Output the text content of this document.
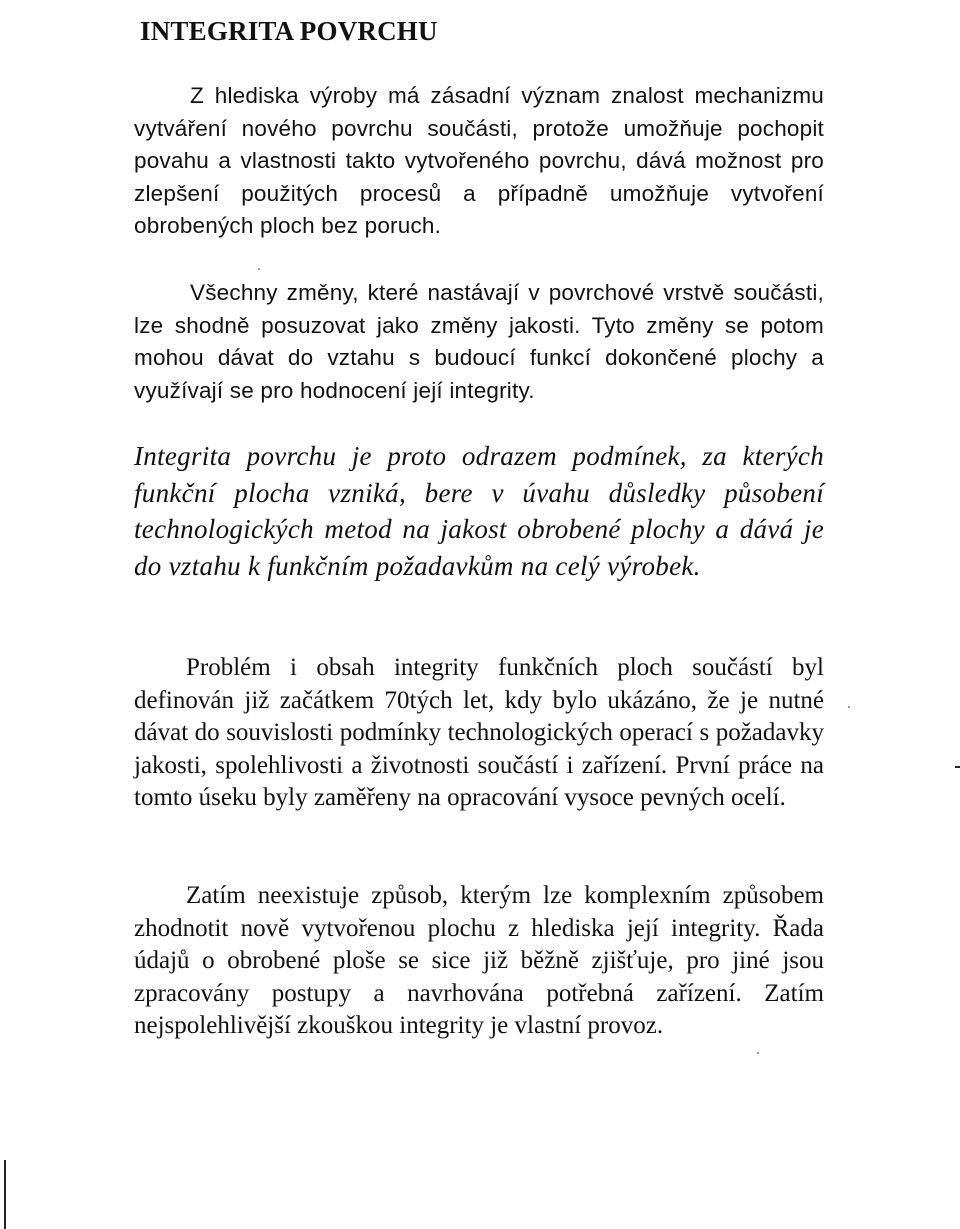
INTEGRITA POVRCHU

Z hlediska výroby má zásadní význam znalost mechanizmu vytváření nového povrchu součásti, protože umožňuje pochopit povahu a vlastnosti takto vytvořeného povrchu, dává možnost pro zlepšení použitých procesů a případně umožňuje vytvoření obrobených ploch bez poruch.

Všechny změny, které nastávají v povrchové vrstvě součásti, lze shodně posuzovat jako změny jakosti. Tyto změny se potom mohou dávat do vztahu s budoucí funkcí dokončené plochy a využívají se pro hodnocení její integrity.

Integrita povrchu je proto odrazem podmínek, za kterých funkční plocha vzniká, bere v úvahu důsledky působení technologických metod na jakost obrobené plochy a dává je do vztahu k funkčním požadavkům na celý výrobek.

Problém i obsah integrity funkčních ploch součástí byl definován již začátkem 70tých let, kdy bylo ukázáno, že je nutné dávat do souvislosti podmínky technologických operací s požadavky jakosti, spolehlivosti a životnosti součástí i zařízení. První práce na tomto úseku byly zaměřeny na opracování vysoce pevných ocelí.

Zatím neexistuje způsob, kterým lze komplexním způsobem zhodnotit nově vytvořenou plochu z hlediska její integrity. Řada údajů o obrobené ploše se sice již běžně zjišťuje, pro jiné jsou zpracovány postupy a navrhována potřebná zařízení. Zatím nejspolehlivější zkouškou integrity je vlastní provoz.
